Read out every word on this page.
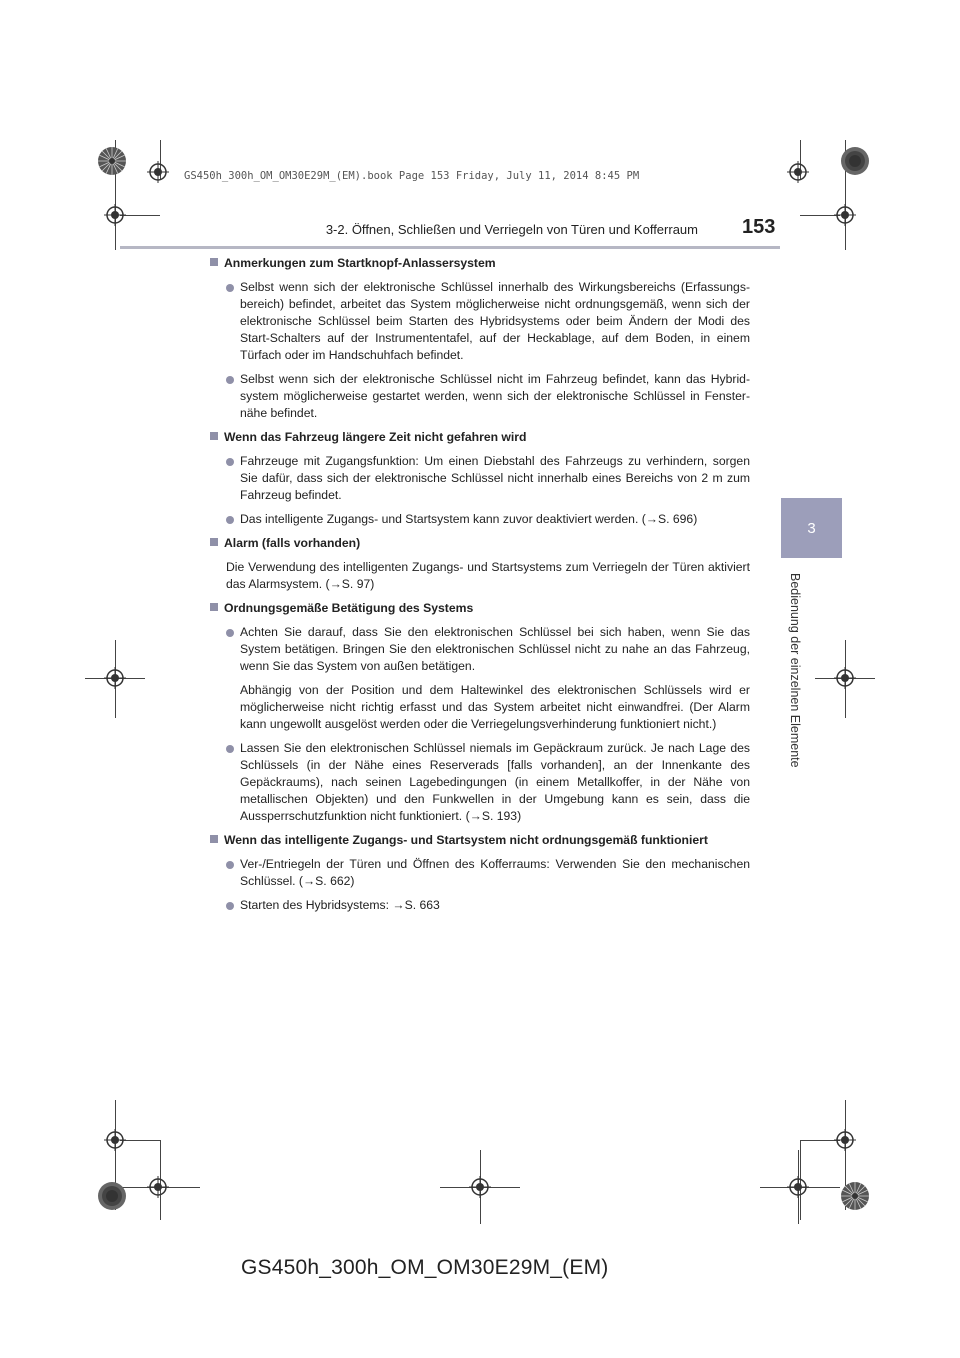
GS450h_300h_OM_OM30E29M_(EM).book Page 153 Friday, July 11, 2014 8:45 PM
3-2. Öffnen, Schließen und Verriegeln von Türen und Kofferraum 153
3
Bedienung der einzelnen Elemente
Anmerkungen zum Startknopf-Anlassersystem

Selbst wenn sich der elektronische Schlüssel innerhalb des Wirkungsbereichs (Erfassungsbereich) befindet, arbeitet das System möglicherweise nicht ordnungsgemäß, wenn sich der elektronische Schlüssel beim Starten des Hybridsystems oder beim Ändern der Modi des Start-Schalters auf der Instrumententafel, auf der Heckablage, auf dem Boden, in einem Türfach oder im Handschuhfach befindet.

Selbst wenn sich der elektronische Schlüssel nicht im Fahrzeug befindet, kann das Hybridsystem möglicherweise gestartet werden, wenn sich der elektronische Schlüssel in Fensternähe befindet.

Wenn das Fahrzeug längere Zeit nicht gefahren wird

Fahrzeuge mit Zugangsfunktion: Um einen Diebstahl des Fahrzeugs zu verhindern, sorgen Sie dafür, dass sich der elektronische Schlüssel nicht innerhalb eines Bereichs von 2 m zum Fahrzeug befindet.

Das intelligente Zugangs- und Startsystem kann zuvor deaktiviert werden. (→S. 696)

Alarm (falls vorhanden)

Die Verwendung des intelligenten Zugangs- und Startsystems zum Verriegeln der Türen aktiviert das Alarmsystem. (→S. 97)

Ordnungsgemäße Betätigung des Systems

Achten Sie darauf, dass Sie den elektronischen Schlüssel bei sich haben, wenn Sie das System betätigen. Bringen Sie den elektronischen Schlüssel nicht zu nahe an das Fahrzeug, wenn Sie das System von außen betätigen.

Abhängig von der Position und dem Haltewinkel des elektronischen Schlüssels wird er möglicherweise nicht richtig erfasst und das System arbeitet nicht einwandfrei. (Der Alarm kann ungewollt ausgelöst werden oder die Verriegelungsverhinderung funktioniert nicht.)

Lassen Sie den elektronischen Schlüssel niemals im Gepäckraum zurück. Je nach Lage des Schlüssels (in der Nähe eines Reserverads [falls vorhanden], an der Innenkante des Gepäckraums), nach seinen Lagebedingungen (in einem Metallkoffer, in der Nähe von metallischen Objekten) und den Funkwellen in der Umgebung kann es sein, dass die Aussperrschutzfunktion nicht funktioniert. (→S. 193)

Wenn das intelligente Zugangs- und Startsystem nicht ordnungsgemäß funktioniert

Ver-/Entriegeln der Türen und Öffnen des Kofferraums: Verwenden Sie den mechanischen Schlüssel. (→S. 662)

Starten des Hybridsystems: →S. 663

GS450h_300h_OM_OM30E29M_(EM)
